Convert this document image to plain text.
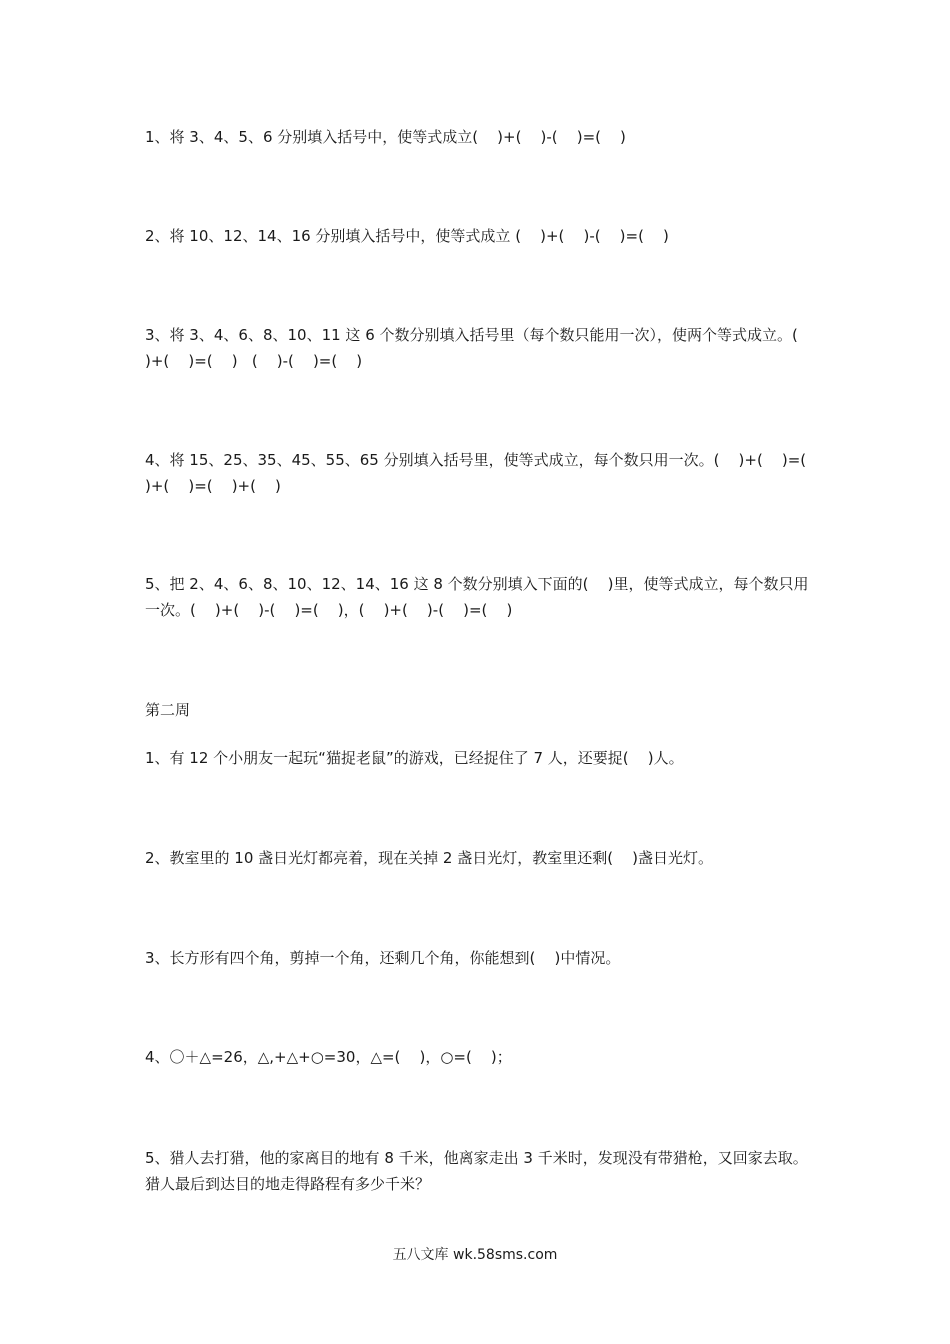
1、将 3、4、5、6 分别填入括号中，使等式成立(    )+(    )-(    )=(    )
2、将 10、12、14、16 分别填入括号中，使等式成立 (    )+(    )-(    )=(    )
3、将 3、4、6、8、10、11 这 6 个数分别填入括号里（每个数只能用一次），使两个等式成立。(    )+(    )=(    )   (    )-(    )=(    )
4、将 15、25、35、45、55、65 分别填入括号里，使等式成立，每个数只用一次。(    )+(    )=(    )+(    )=(    )+(    )
5、把 2、4、6、8、10、12、14、16 这 8 个数分别填入下面的(    )里，使等式成立，每个数只用一次。(    )+(    )-(    )=(    )，(    )+(    )-(    )=(    )
第二周
1、有 12 个小朋友一起玩“猫捉老鼠”的游戏，已经捉住了 7 人，还要捉(    )人。
2、教室里的 10 盏日光灯都亮着，现在关掉 2 盏日光灯，教室里还剩(    )盏日光灯。
3、长方形有四个角，剪掉一个角，还剩几个角，你能想到(    )中情况。
4、〇＋△=26，△,+△+○=30，△=(    )，○=(    )；
5、猎人去打猎，他的家离目的地有 8 千米，他离家走出 3 千米时，发现没有带猎枪，又回家去取。猎人最后到达目的地走得路程有多少千米？
五八文库 wk.58sms.com
